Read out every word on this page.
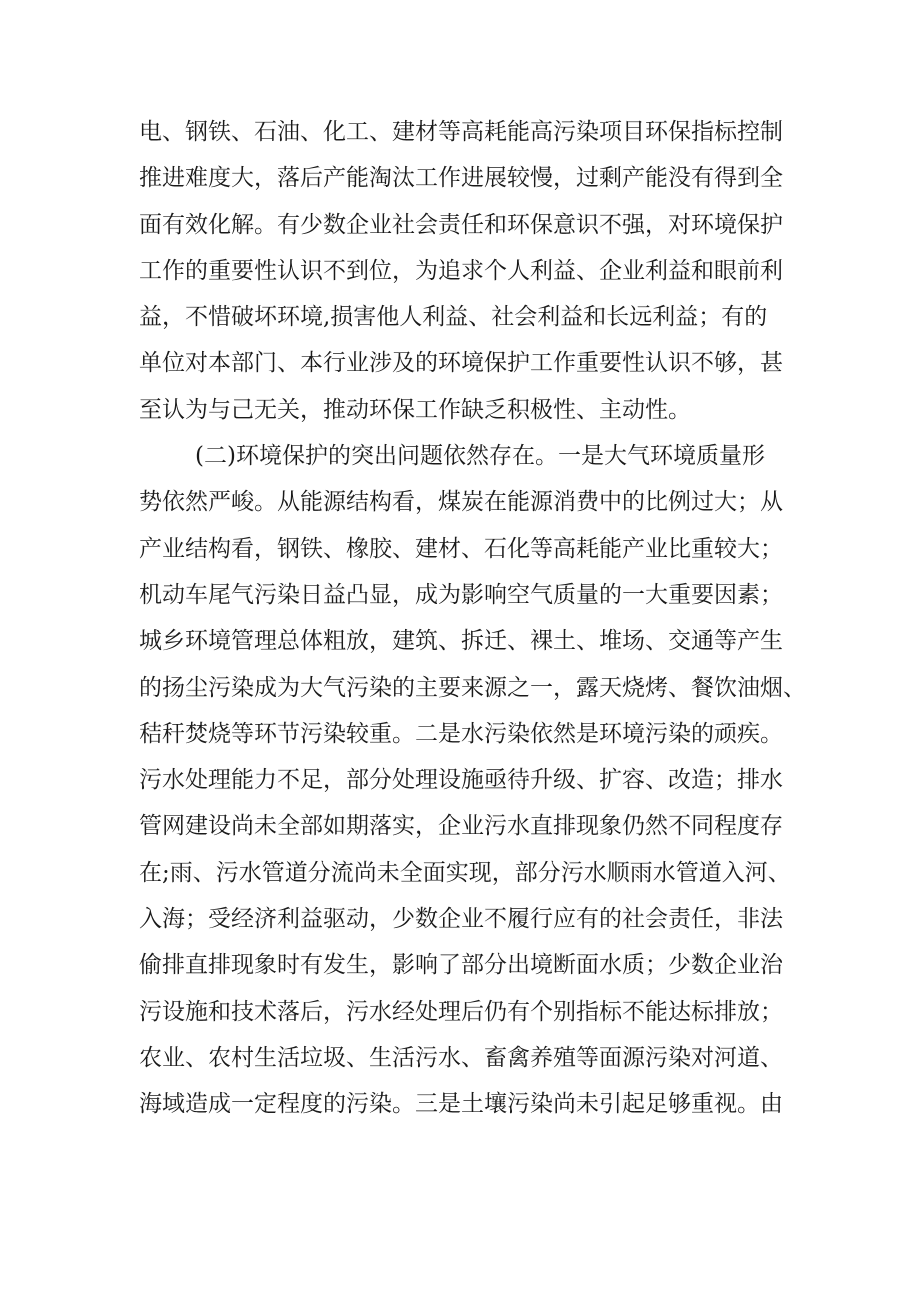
电、钢铁、石油、化工、建材等高耗能高污染项目环保指标控制
推进难度大，落后产能淘汰工作进展较慢，过剩产能没有得到全
面有效化解。有少数企业社会责任和环保意识不强，对环境保护
工作的重要性认识不到位，为追求个人利益、企业利益和眼前利
益，不惜破坏环境,损害他人利益、社会利益和长远利益；有的
单位对本部门、本行业涉及的环境保护工作重要性认识不够，甚
至认为与己无关，推动环保工作缺乏积极性、主动性。
(二)环境保护的突出问题依然存在。一是大气环境质量形
势依然严峻。从能源结构看，煤炭在能源消费中的比例过大；从
产业结构看，钢铁、橡胶、建材、石化等高耗能产业比重较大；
机动车尾气污染日益凸显，成为影响空气质量的一大重要因素；
城乡环境管理总体粗放，建筑、拆迁、裸土、堆场、交通等产生
的扬尘污染成为大气污染的主要来源之一，露天烧烤、餐饮油烟、
秸秆焚烧等环节污染较重。二是水污染依然是环境污染的顽疾。
污水处理能力不足，部分处理设施亟待升级、扩容、改造；排水
管网建设尚未全部如期落实，企业污水直排现象仍然不同程度存
在;雨、污水管道分流尚未全面实现，部分污水顺雨水管道入河、
入海；受经济利益驱动，少数企业不履行应有的社会责任，非法
偷排直排现象时有发生，影响了部分出境断面水质；少数企业治
污设施和技术落后，污水经处理后仍有个别指标不能达标排放；
农业、农村生活垃圾、生活污水、畜禽养殖等面源污染对河道、
海域造成一定程度的污染。三是土壤污染尚未引起足够重视。由
